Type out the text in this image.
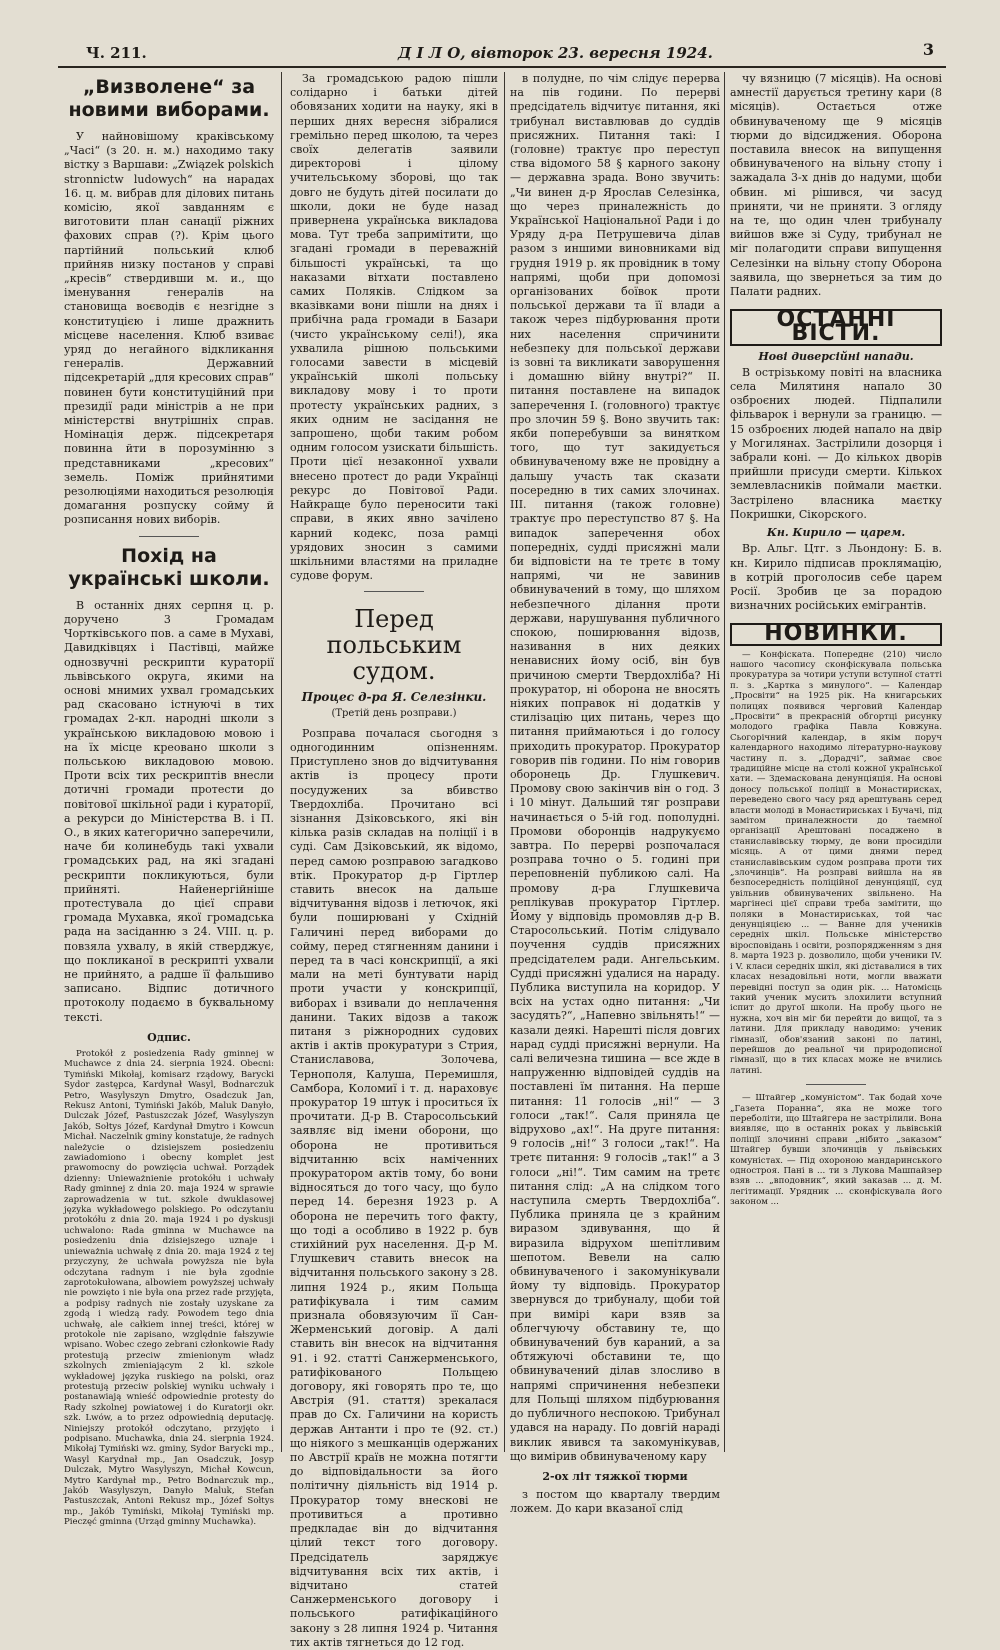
Ч. 211.	Д І Л О, вівторок 23. вересня 1924.	3
„Визволене“ за новими виборами.
У найновішому краківському „Часі“ (з 20. н. м.) находимо таку вістку з Варшави: „Związek polskich stronnictw ludowych“ на нарадах 16. ц. м. вибрав для ділових питань комісію, якої завданням є виготовити план санації ріжних фахових справ (?). Крім цього партійний польський клюб прийняв низку постанов у справі „кресів“ ствердивши м. и., що іменування генералів на становища воєводів є незгідне з конституцією і лише дражнить місцеве населення. Клюб взиває уряд до негайного відкликання генералів. Державний підсекретарій „для кресових справ“ повинен бути конституційний при президії ради міністрів а не при міністерстві внутрішніх справ. Номінація держ. підсекретаря повинна йти в порозумінню з представниками „кресових“ земель. Поміж прийнятими резолюціями находиться резолюція домагання розпуску сойму й розписання нових виборів.
Похід на українські школи.
В останніх днях серпня ц. р. доручено 3 Громадам Чортківського пов. а саме в Мухаві, Давидківцях і Пастівці, майже однозвучні рескрипти кураторії львівського округа, якими на основі мнимих ухвал громадських рад скасовано істнуючі в тих громадах 2-кл. народні школи з українською викладовою мовою і на їх місце креовано школи з польською викладовою мовою. Проти всіх тих рескриптів внесли дотичні громади протести до повітової шкільної ради і кураторії, а рекурси до Міністерства В. і П. О., в яких категорично заперечили, наче би колинебудь такі ухвали громадських рад, на які згадані рескрипти покликуються, були прийняті. Найенергійніше протестувала до цієї справи громада Мухавка, якої громадська рада на засіданню з 24. VIII. ц. р. повзяла ухвалу, в якій стверджує, що покликаної в рескрипті ухвали не прийнято, а радше її фальшиво записано. Відпис дотичного протоколу подаємо в буквальному тексті.
Одпис.
Protokół z posiedzenia Rady gminnej w Muchawce z dnia 24. sierpnia 1924. Obecni: Tymiński Mikołaj, komisarz rządowy, Barycki Sydor zastępca, Kardynał Wasyl, Bodnarczuk Petro, Wasylyszyn Dmytro, Osadczuk Jan, Rekusz Antoni, Tymiński Jakób, Maluk Danyło, Dulczak Józef, Pastuszczak Józef, Wasylyszyn Jakób, Sołtys Józef, Kardynał Dmytro i Kowcun Michał. Naczelnik gminy konstatuje, że radnych należycie o dzisiejszem posiedzeniu zawiadomiono i obecny komplet jest prawomocny do powzięcia uchwał. Porządek dzienny: Unieważnienie protokółu i uchwały Rady gminnej z dnia 20. maja 1924 w sprawie zaprowadzenia w tut. szkole dwuklasowej języka wykładowego polskiego. Po odczytaniu protokółu z dnia 20. maja 1924 i po dyskusji uchwalono: Rada gminna w Muchawce na posiedzeniu dnia dzisiejszego uznaje i unieważnia uchwałę z dnia 20. maja 1924 z tej przyczyny, że uchwała powyższa nie była odczytana radnym i nie była zgodnie zaprotokułowana, albowiem powyższej uchwały nie powzięto i nie była ona przez rade przyjęta, a podpisy radnych nie zostały uzyskane za zgodą i wiedzą rady. Powodem tego dnia uchwałę, ale całkiem innej treści, której w protokole nie zapisano, względnie fałszywie wpisano. Wobec czego zebrani członkowie Rady protestują przeciw zmienionym władz szkolnych zmieniającym 2 kl. szkole wykładowej języka ruskiego na polski, oraz protestują przeciw polskiej wyniku uchwały i postanawiają wnieść odpowiednie protesty do Rady szkolnej powiatowej i do Kuratorji okr. szk. Lwów, a to przez odpowiednią deputację. Niniejszy protokół odczytano, przyjęto i podpisano. Muchawka, dnia 24. sierpnia 1924. Mikołaj Tymiński wz. gminy, Sydor Barycki mp., Wasyl Karydnał mp., Jan Osadczuk, Josyp Dulczak, Mytro Wasylyszyn, Michał Kowcun, Mytro Kardynał mp., Petro Bodnarczuk mp., Jakób Wasylyszyn, Danyło Maluk, Stefan Pastuszczak, Antoni Rekusz mp., Józef Sołtys mp., Jakób Tymiński, Mikołaj Tymiński mp. Pieczęć gminna (Urząd gminny Muchawka).
За громадською радою пішли солідарно і батьки дітей обовязаних ходити на науку, які в перших днях вересня зібралися гремільно перед школою, та через своїх делегатів заявили директорові і цілому учительському зборові, що так довго не будуть дітей посилати до школи, доки не буде назад привернена українська викладова мова. Тут треба запримітити, що згадані громади в переважній більшості українські, та що наказами вітхати поставлено самих Поляків. Слідком за вказівками вони пішли на днях і прибічна рада громади в Базари (чисто українському селі!), яка ухвалила рішною польськими голосами завести в місцевій українській школі польську викладову мову і то проти протесту українських радних, з яких одним не засідання не запрошено, щоби таким робом одним голосом узискати більшість. Проти цієї незаконної ухвали внесено протест до ради Українці рекурс до Повітової Ради. Найкраще було переносити такі справи, в яких явно зачілено карний кодекс, поза рамці урядових зносин з самими шкільними властями на приладне судове форум.
Перед польським судом.
Процес д-ра Я. Селезінки.
(Третій день розправи.)
Розправа почалася сьогодня з одногодинним опізненням. Приступлено знов до відчитування актів із процесу проти посудужених за вбивство Твердохліба. Прочитано всі зізнання Дзіковського, які він кілька разів складав на поліції і в суді. Сам Дзіковський, як відомо, перед самою розправою загадково втік. Прокуратор д-р Гіртлер ставить внесок на дальше відчитування відозв і летючок, які були поширювані у Східній Галичині перед виборами до сойму, перед стягненням данини і перед та в часі конскрипції, а які мали на меті бунтувати нарід проти участи у конскрипції, виборах і взивали до неплачення данини. Таких відозв а також питаня з ріжнородних судових актів і актів прокуратури з Стрия, Станиславова, Золочева, Тернополя, Калуша, Перемишля, Самбора, Коломиї і т. д. нараховує прокуратор 19 штук і проситься їх прочитати. Д-р В. Старосольський заявляє від імени оборони, що оборона не противиться відчитанню всіх наміченних прокуратором актів тому, бо вони відносяться до того часу, що було перед 14. березня 1923 р. А оборона не перечить того факту, що тоді а особливо в 1922 р. був стихійний рух населення. Д-р М. Глушкевич ставить внесок на відчитання польського закону з 28. липня 1924 р., яким Польща ратифікувала і тим самим признала обовязуючим її Сан-Жерменський договір. А далі ставить він внесок на відчитання 91. і 92. статті Санжерменського, ратифікованого Польщею договору, які говорять про те, що Австрія (91. стаття) зрекалася прав до Сх. Галичини на користь держав Антанти і про те (92. ст.) що ніякого з мешканців одержаних по Австрії країв не можна потягти до відповідальности за його політичну діяльність від 1914 р. Прокуратор тому внескові не противиться а противно предкладає він до відчитання цілий текст того договору. Предсідатель заряджує відчитування всіх тих актів, і відчитано статей Санжерменського договору і польського ратифікаційного закону з 28 липня 1924 р. Читання тих актів тягнеться до 12 год.
в полудне, по чім слідує перерва на пів години. По перерві предсідатель відчитує питання, які трибунал виставлював до суддів присяжних. Питання такі: I (головне) трактує про переступ ства відомого 58 § карного закону — державна зрада. Воно звучить: „Чи винен д-р Ярослав Селезінка, що через приналежність до Української Національної Ради і до Уряду д-ра Петрушевича ділав разом з иншими виновниками від грудня 1919 р. як провідник в тому напрямі, щоби при допомозі організованих боївок проти польської держави та її влади а також через підбурювання проти них населення спричинити небезпеку для польської держави із зовні та викликати заворушення і домашню війну внутрі?“ II. питання поставлене на випадок заперечення I. (головного) трактує про злочин 59 §. Воно звучить так: якби поперебувши за винятком того, що тут закидується обвинуваченому вже не провідну а дальшу участь так сказати посередню в тих самих злочинах. III. питання (також головне) трактує про переступство 87 §. На випадок заперечення обох попередніх, судді присяжні мали би відповісти на те третє в тому напрямі, чи не завинив обвинувачений в тому, що шляхом небезпечного ділання проти держави, нарушування публичного спокою, поширювання відозв, називання в них деяких ненависних йому осіб, він був причиною смерти Твердохліба? Ні прокуратор, ні оборона не вносять ніяких поправок ні додатків у стилізацію цих питань, через що питання приймаються і до голосу приходить прокуратор. Прокуратор говорив пів години. По нім говорив оборонець Др. Глушкевич. Промову свою закінчив він о год. 3 і 10 мінут. Дальший тяг розправи начинається о 5-ій год. пополудні. Промови оборонців надрукуємо завтра. По перерві розпочалася розправа точно о 5. годині при переповненій публикою салі. На промову д-ра Глушкевича реплікував прокуратор Гіртлер. Йому у відповідь промовляв д-р В. Старосольський. Потім слідувало поучення суддів присяжних предсідателем ради. Ангельським. Судді присяжні удалися на нараду. Публика виступила на коридор. У всіх на устах одно питання: „Чи засудять?“, „Напевно звільнять!“ — казали деякі. Нарешті після довгих нарад судді присяжні вернули. На салі величезна тишина — все жде в напруженню відповідей суддів на поставлені їм питання. На перше питання: 11 голосів „ні!“ — 3 голоси „так!“. Саля приняла це відрухово „ах!“. На друге питання: 9 голосів „ні!“ 3 голоси „так!“. На третє питання: 9 голосів „так!“ а 3 голоси „ні!“. Тим самим на третє питання слід: „А на слідком того наступила смерть Твердохліба“. Публика приняла це з крайним виразом здивування, що й виразила відрухом шепітливим шепотом. Вевели на салю обвинуваченого і закомунікували йому ту відповідь. Прокуратор звернувся до трибуналу, щоби той при вимірі кари взяв за облегчуючу обставину те, що обвинувачений був караний, а за обтяжуючі обставини те, що обвинувачений ділав злосливо в напрямі спричинення небезпеки для Польщі шляхом підбурювання до публичного неспокою. Трибунал удався на нараду. По довгій нараді виклик явився та закомунікував, що вимірив обвинуваченому кару
2-ох літ тяжкої тюрми
з постом що кварталу твердим ложем. До кари вказаної слід
чу вязницю (7 місяців). На основі амнестії дарується третину кари (8 місяців). Остається отже обвинуваченому ще 9 місяців тюрми до відсиджения. Оборона поставила внесок на випущення обвинуваченого на вільну стопу і зажадала 3-х днів до надуми, щоби обвин. мі рішився, чи засуд приняти, чи не приняти. З огляду на те, що один член трибуналу вийшов вже зі Суду, трибунал не міг полагодити справи випущення Селезінки на вільну стопу Оборона заявила, що звернеться за тим до Палати радних.
ОСТАННІ ВІСТИ.
Нові диверсійні напади.
В острізькому повіті на власника села Милятиня напало 30 озброєних людей. Підпалили фільварок і вернули за границю. — 15 озброєних людей напало на двір у Могилянах. Застрілили дозорця і забрали коні. — До кількох дворів прийшли присуди смерти. Кількох землевласників поймали маєтки. Застрілено власника маєтку Покришки, Сікорского.
Кн. Кирило — царем.
Вр. Альг. Цтг. з Льондону: Б. в. кн. Кирило підписав проклямацію, в котрій проголосив себе царем Росії. Зробив це за порадою визначних російських емігрантів.
НОВИНКИ.
— Конфіската. Попереднє (210) число нашого часопису сконфіскувала польська прокуратура за чотири уступи вступної статті п. з. „Картка з минулого“. — Календар „Просвіти“ на 1925 рік. На книгарських полицях появився черговий Календар „Просвіти“ в прекрасній обгортці рисунку молодого графіка Павла Ковжуна. Сьогорічний календар, в якім поруч календарного находимо літературно-наукову частину п. з. „Дорадчі“, займає своє традиційне місце на столі кожної української хати. — Здемаскована денунціяція. На основі доносу польської поліції в Монастирисках, переведено свого часу ряд арештувань серед власти молоді в Монастириськах і Бучачі, під замітом приналежности до таємної організації Арештовані посаджено в станиславівську тюрму, де вони просиділи місяць. А от цими днями перед станиславівським судом розправа проти тих „злочинців“. На розправі вийшла на яв безпосередність поліційної денунціяції, суд увільнив обвинувачених звільнено. На маргінесі цієї справи треба замітити, що поляки в Монастириськах, той час денунціяцією ... — Ванне для учеників середніх шкіл. Польське міністерство віросповідань і освіти, розпорядженням з дня 8. марта 1923 р. дозволило, щоби ученики IV. i V. класи середніх шкіл, які діставалися в тих класах незадовільні ноти, могли вважати перевідні поступ за один рік. ... Натомісць такий ученик мусить злохилити вступний іспит до другої школи. На пробу цього не нужна, хоч він міг би перейти до вищої, та з латини. Для прикладу наводимо: ученик гімназії, обов'язаний законі по латині, перейшов до реальної чи природописної гімназії, що в тих класах може не вчились латині.
— Штайгер „комуністом“. Так бодай хоче „Газета Поранна“, яка не може того переболіти, що Штайгера не застрілили. Вона виявляє, що в останніх роках у львівській поліції злочинні справи „нібито „заказом“ Штайгер бувши злочинців у львівських комуністах. — Під охороною мандаринського одностроя. Пані в ... ти з Лукова Машпайзер взяв ... „вподовник“, який заказав ... д. М. легітимації. Урядник ... сконфіскувала його законом ...
